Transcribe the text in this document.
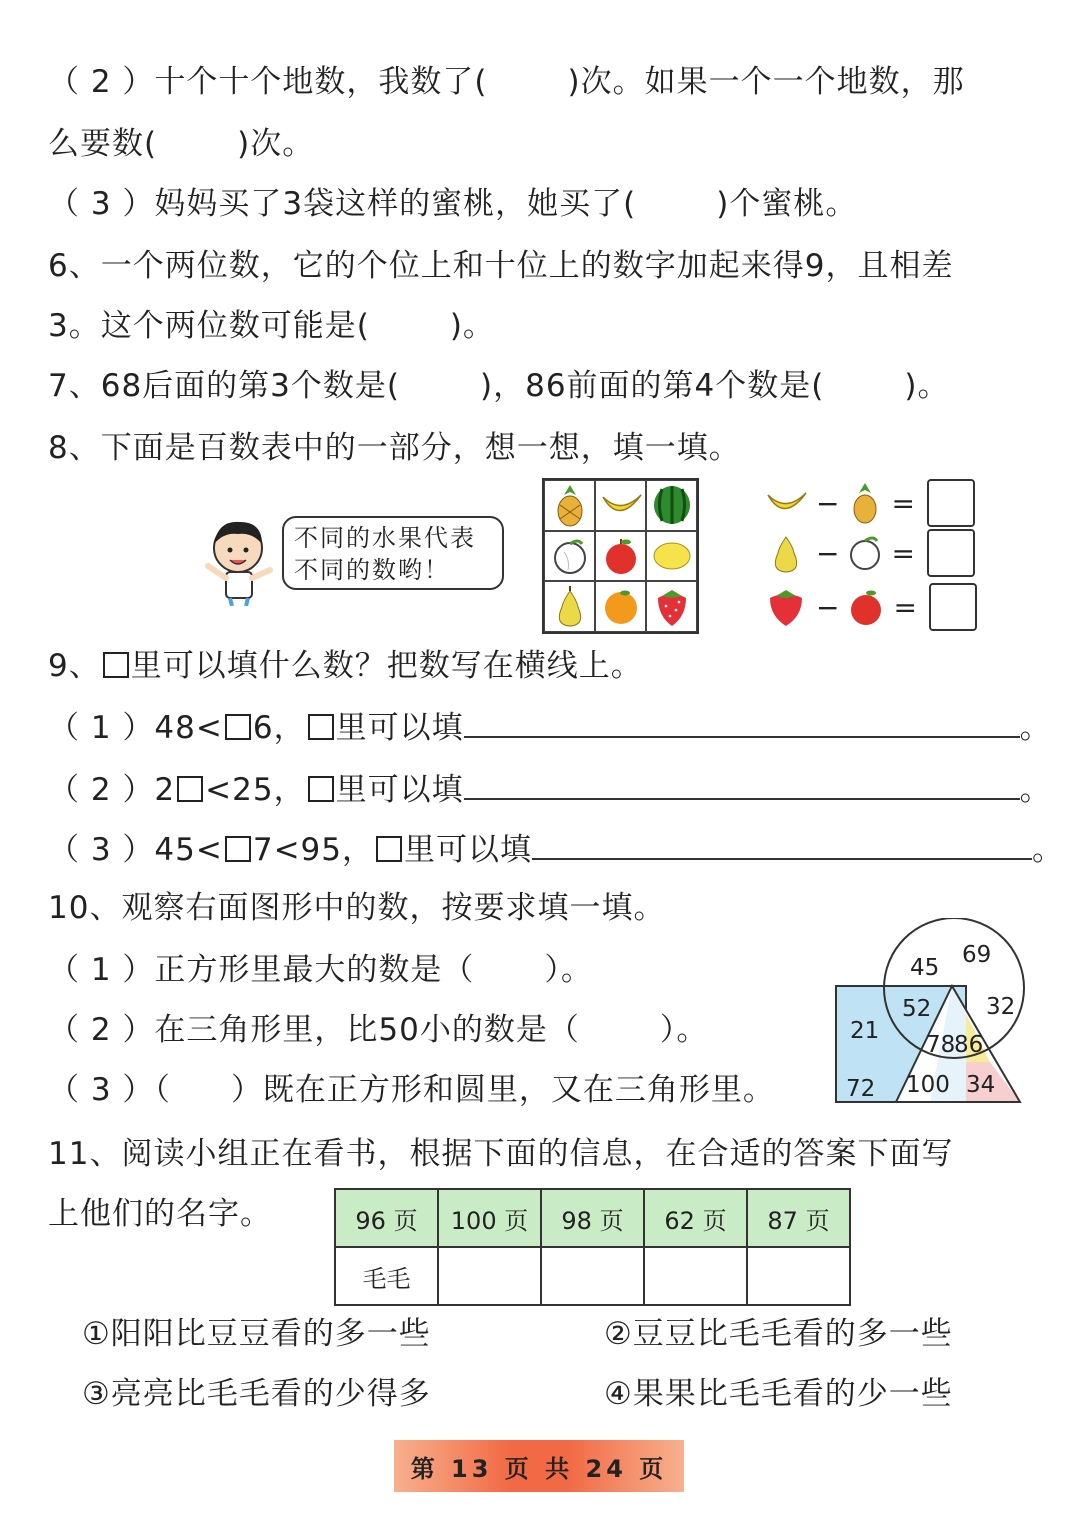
（ 2 ）十个十个地数，我数了(	)次。如果一个一个地数，那
么要数(	)次。
（ 3 ）妈妈买了3袋这样的蜜桃，她买了(	)个蜜桃。
6、一个两位数，它的个位上和十位上的数字加起来得9，且相差
3。这个两位数可能是(	)。
7、68后面的第3个数是(	)，86前面的第4个数是(	)。
8、下面是百数表中的一部分，想一想，填一填。
不同的水果代表
不同的数哟！
− =
− =
− =
9、 里可以填什么数？把数写在横线上。
（ 1 ）48< 6， 里可以填	。
（ 2 ）2 <25， 里可以填	。
（ 3 ）45< 7<95， 里可以填	。
10、观察右面图形中的数，按要求填一填。
（ 1 ）正方形里最大的数是（ ）。
（ 2 ）在三角形里，比50小的数是（	）。
（ 3 ）（ ）既在正方形和圆里，又在三角形里。
45 69
52 32
21
72
78
86
100 34
11、阅读小组正在看书，根据下面的信息，在合适的答案下面写
上他们的名字。	96 页	100 页	98 页	62 页	87 页
毛毛				
①阳阳比豆豆看的多一些	②豆豆比毛毛看的多一些
③亮亮比毛毛看的少得多	④果果比毛毛看的少一些
第 13 页 共 24 页
